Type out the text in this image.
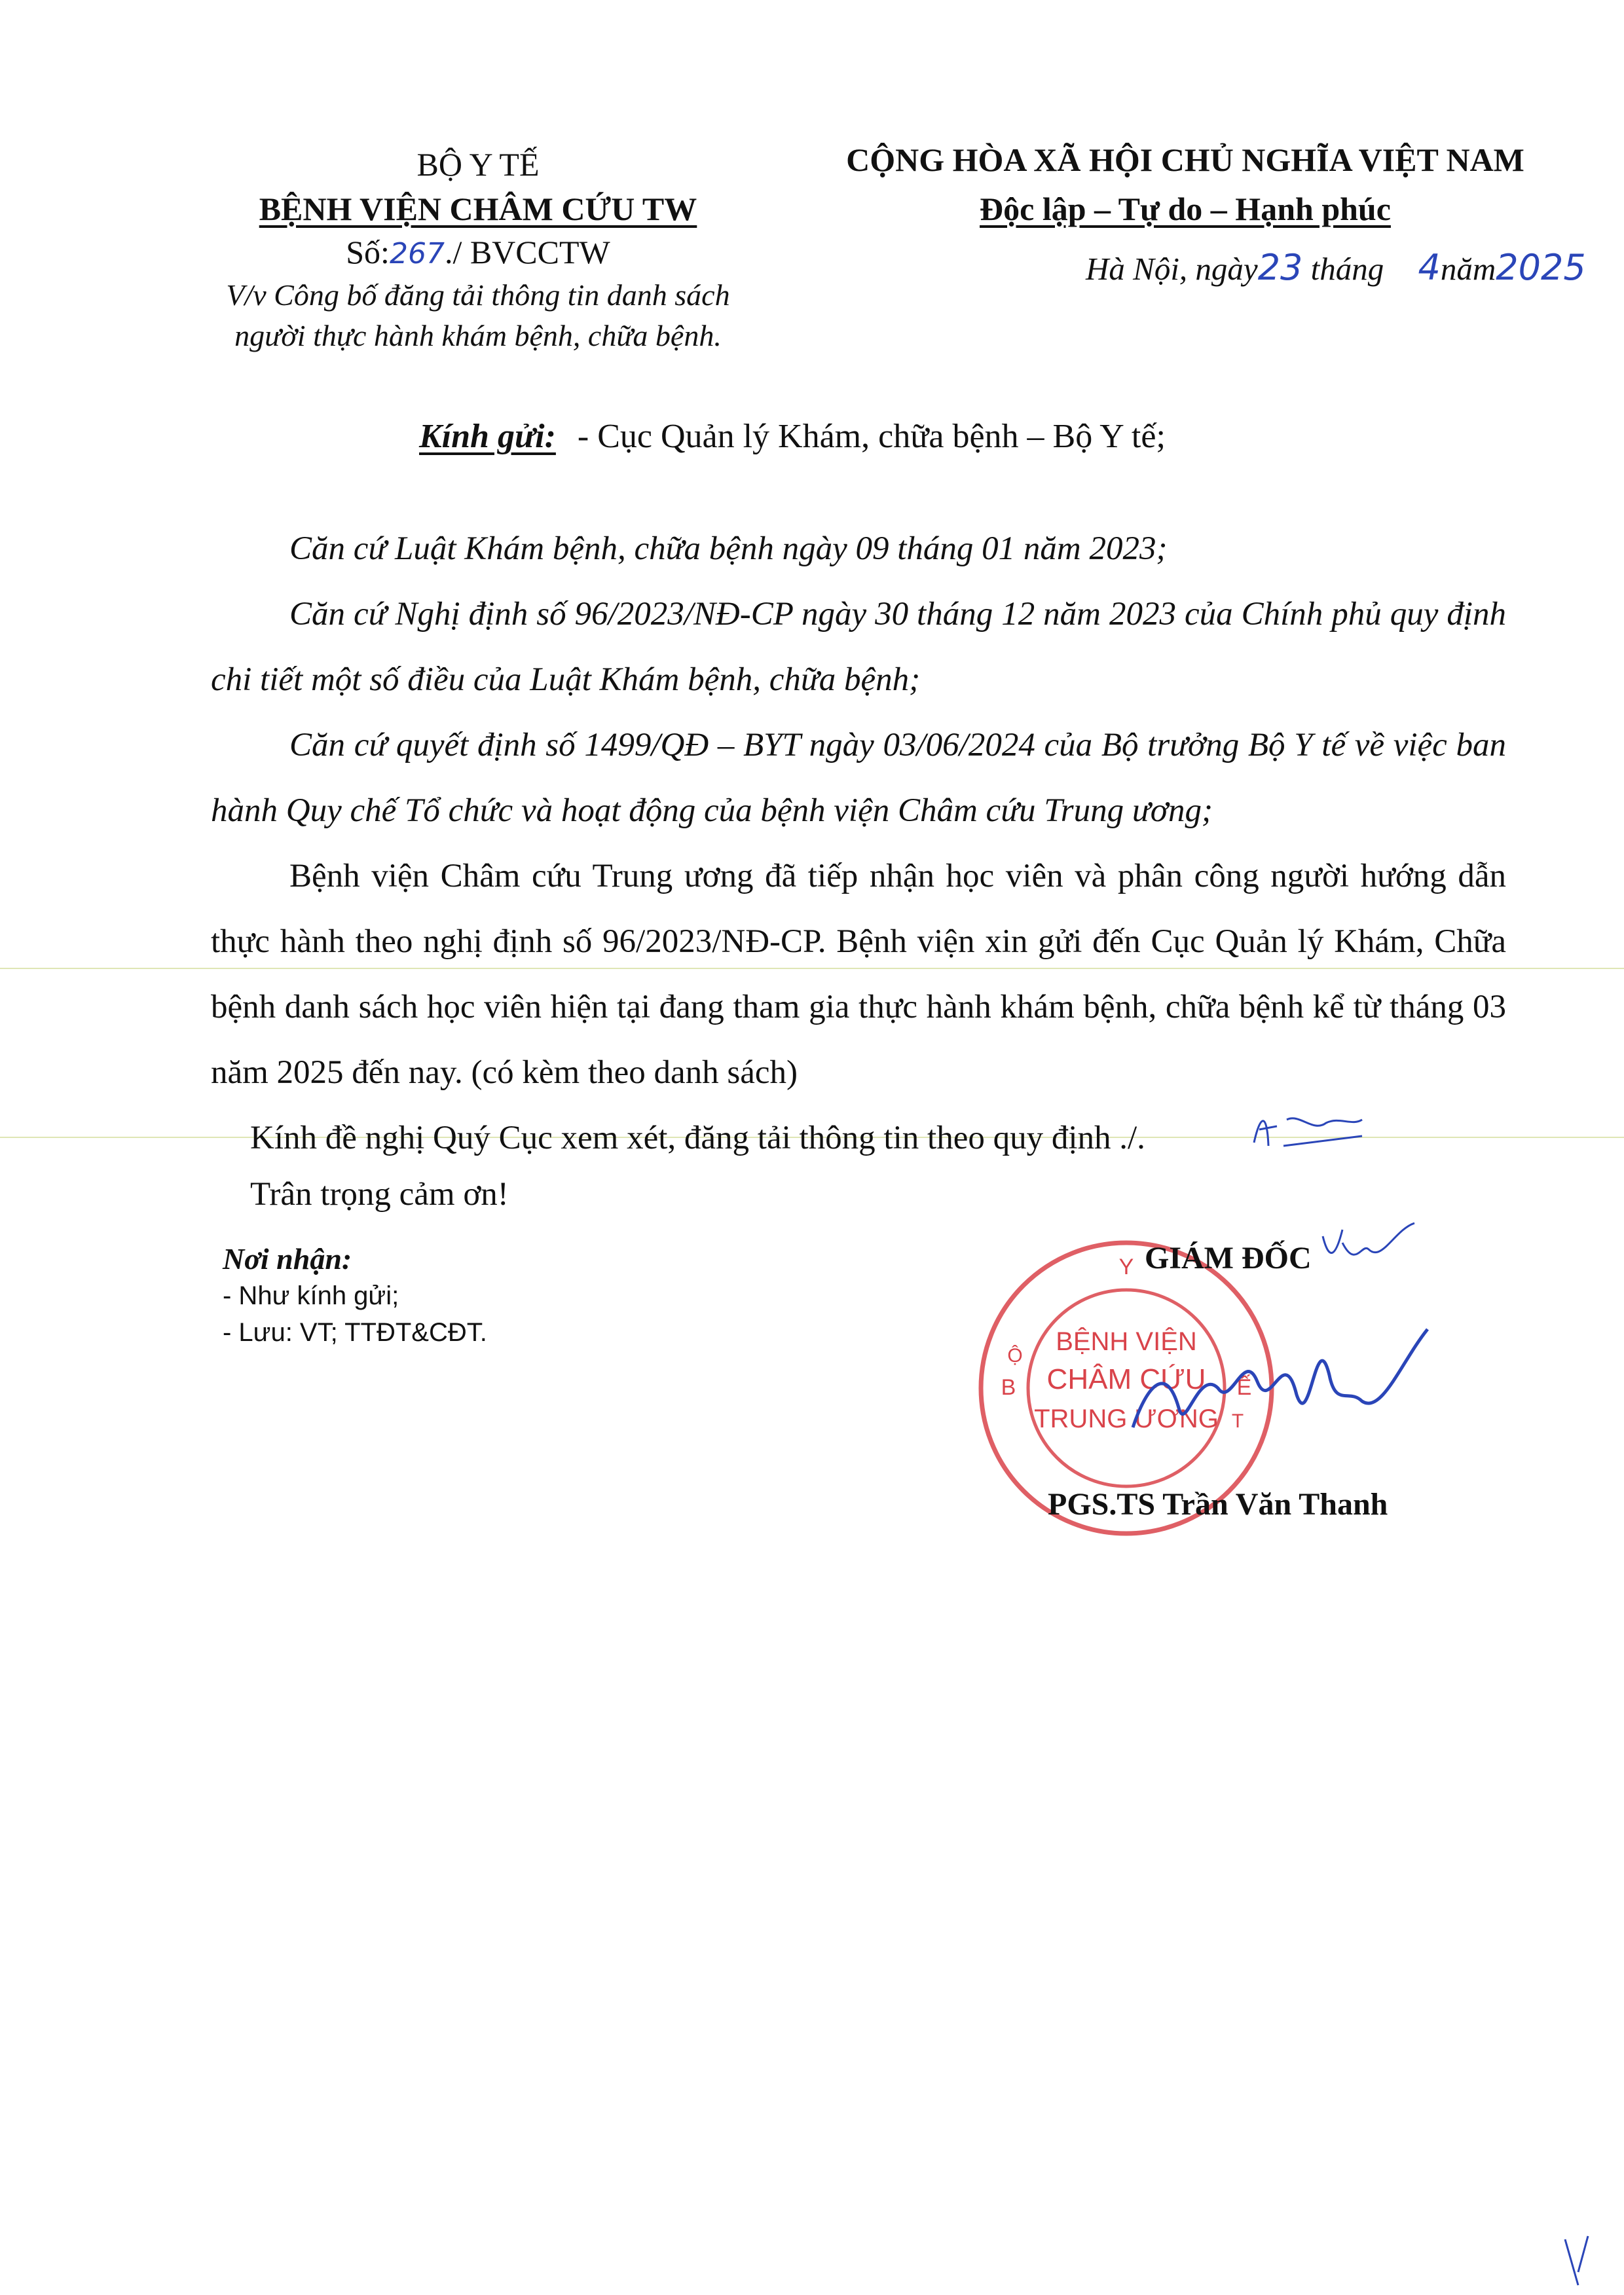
BỘ Y TẾ
BỆNH VIỆN CHÂM CỨU TW
Số:267./ BVCCTW
V/v Công bố đăng tải thông tin danh sách
người thực hành khám bệnh, chữa bệnh.
CỘNG HÒA XÃ HỘI CHỦ NGHĨA VIỆT NAM
Độc lập – Tự do – Hạnh phúc
Hà Nội, ngày23 tháng 4năm2025
Kính gửi: - Cục Quản lý Khám, chữa bệnh – Bộ Y tế;
Căn cứ Luật Khám bệnh, chữa bệnh ngày 09 tháng 01 năm 2023;
Căn cứ Nghị định số 96/2023/NĐ-CP ngày 30 tháng 12 năm 2023 của Chính phủ quy định chi tiết một số điều của Luật Khám bệnh, chữa bệnh;
Căn cứ quyết định số 1499/QĐ – BYT ngày 03/06/2024 của Bộ trưởng Bộ Y tế về việc ban hành Quy chế Tổ chức và hoạt động của bệnh viện Châm cứu Trung ương;
Bệnh viện Châm cứu Trung ương đã tiếp nhận học viên và phân công người hướng dẫn thực hành theo nghị định số 96/2023/NĐ-CP. Bệnh viện xin gửi đến Cục Quản lý Khám, Chữa bệnh danh sách học viên hiện tại đang tham gia thực hành khám bệnh, chữa bệnh kể từ tháng 03 năm 2025 đến nay. (có kèm theo danh sách)
Kính đề nghị Quý Cục xem xét, đăng tải thông tin theo quy định ./.
Trân trọng cảm ơn!
Nơi nhận:
- Như kính gửi;
- Lưu: VT; TTĐT&CĐT.
Y
B
Ộ
Ế
T
BỆNH VIỆN
CHÂM CỨU
TRUNG ƯƠNG
GIÁM ĐỐC
PGS.TS Trần Văn Thanh
